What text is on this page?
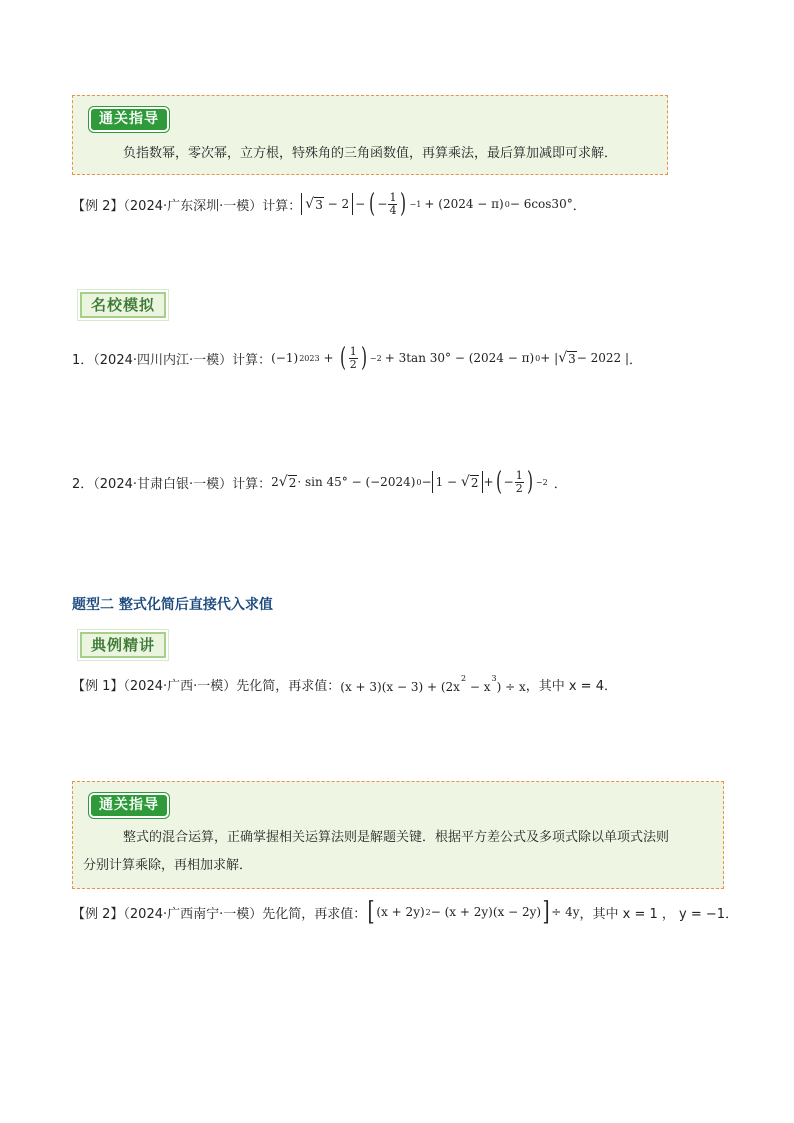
通关指导
负指数幂，零次幂，立方根，特殊角的三角函数值，再算乘法，最后算加减即可求解．
【例 2】（2024·广东深圳·一模）计算： √ 3 − 2 − ( − $\frac{1}{4}$ ) −1 + (2024 − π) 0 − 6cos30° ．
名校模拟
1．（2024·四川内江·一模）计算： (−1) 2023 + ( $\frac{1}{2}$ ) −2 + 3tan 30° − (2024 − π) 0 + | √ 3 − 2022 | ．
2．（2024·甘肃白银·一模）计算： 2 √ 2 · sin 45° − (−2024) 0 − 1 − √ 2 + ( − $\frac{1}{2}$ ) −2 ．
题型二 整式化简后直接代入求值
典例精讲
【例 1】（2024·广西·一模）先化简，再求值： $(x + 3)(x - 3) + (2x^2 - x^3) \div x$ ，其中 x = 4．
通关指导
整式的混合运算，正确掌握相关运算法则是解题关键．根据平方差公式及多项式除以单项式法则
分别计算乘除，再相加求解．
【例 2】（2024·广西南宁·一模）先化简，再求值： [ (x + 2y) 2 − (x + 2y)(x − 2y) ] ÷ 4y ，其中 x = 1 ， y = −1．
